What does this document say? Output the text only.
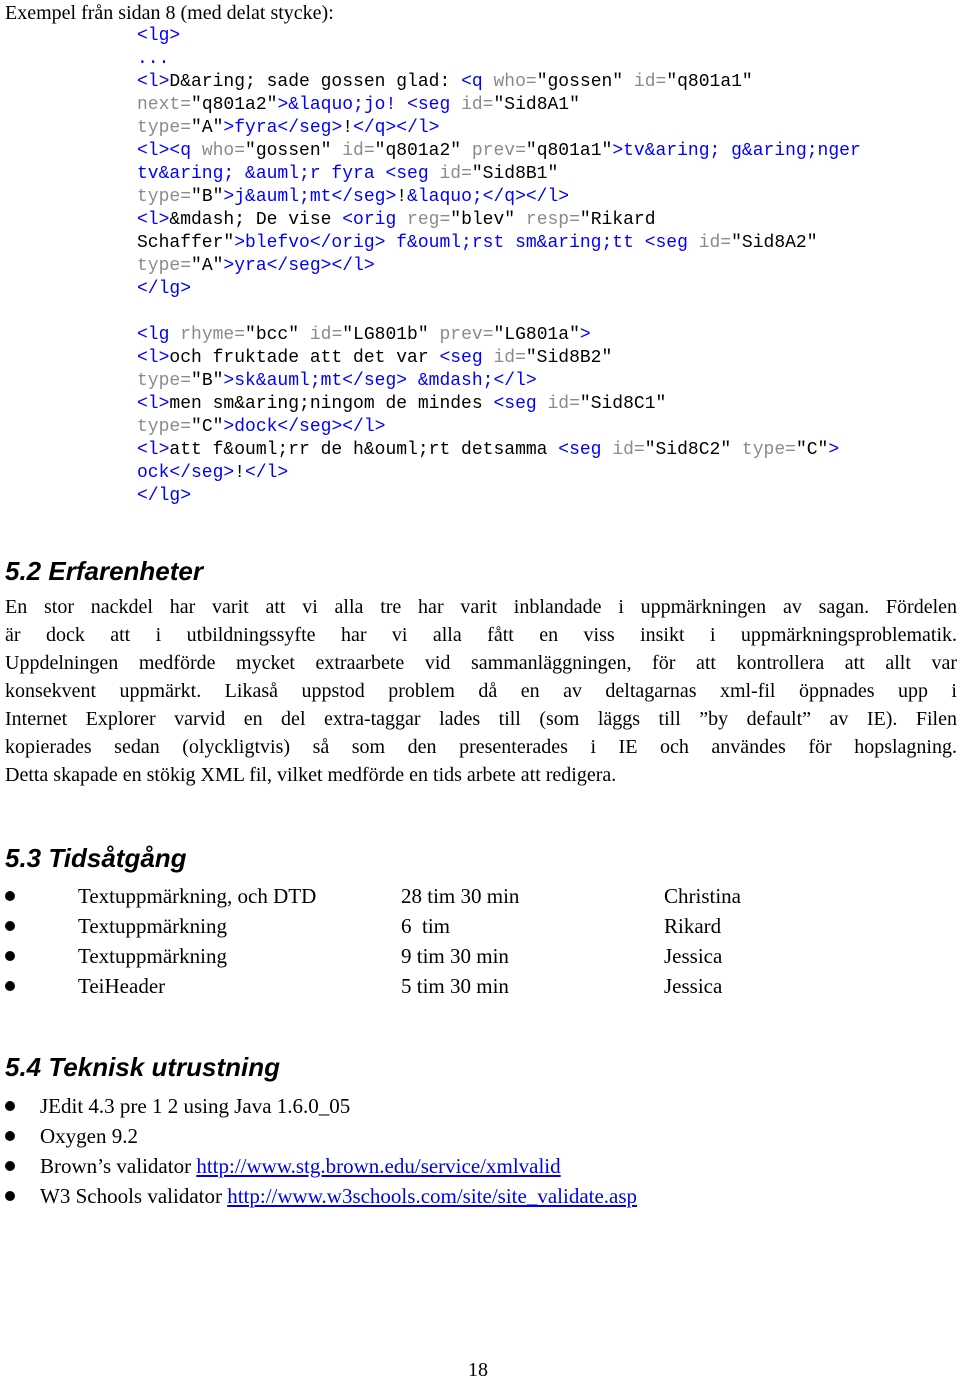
Exempel från sidan 8 (med delat stycke):
<lg>
...
<l>D&aring; sade gossen glad: <q who="gossen" id="q801a1"
next="q801a2">&laquo;jo! <seg id="Sid8A1"
type="A">fyra</seg>!</q></l>
<l><q who="gossen" id="q801a2" prev="q801a1">tv&aring; g&aring;nger
tv&aring; &auml;r fyra <seg id="Sid8B1"
type="B">j&auml;mt</seg>!&laquo;</q></l>
<l>&mdash; De vise <orig reg="blev" resp="Rikard
Schaffer">blefvo</orig> f&ouml;rst sm&aring;tt <seg id="Sid8A2"
type="A">yra</seg></l>
</lg>
<lg rhyme="bcc" id="LG801b" prev="LG801a">
<l>och fruktade att det var <seg id="Sid8B2"
type="B">sk&auml;mt</seg> &mdash;</l>
<l>men sm&aring;ningom de mindes <seg id="Sid8C1"
type="C">dock</seg></l>
<l>att f&ouml;rr de h&ouml;rt detsamma <seg id="Sid8C2" type="C">
ock</seg>!</l>
</lg>
5.2 Erfarenheter
En stor nackdel har varit att vi alla tre har varit inblandade i uppmärkningen av sagan. Fördelen
är dock att i utbildningssyfte har vi alla fått en viss insikt i uppmärkningsproblematik.
Uppdelningen medförde mycket extraarbete vid sammanläggningen, för att kontrollera att allt var
konsekvent uppmärkt. Likaså uppstod problem då en av deltagarnas xml-fil öppnades upp i
Internet Explorer varvid en del extra-taggar lades till (som läggs till ”by default” av IE). Filen
kopierades sedan (olyckligtvis) så som den presenterades i IE och användes för hopslagning.
Detta skapade en stökig XML fil, vilket medförde en tids arbete att redigera.
5.3 Tidsåtgång
Textuppmärkning, och DTD	28 tim 30 min	Christina
Textuppmärkning	6  tim	Rikard
Textuppmärkning	9 tim 30 min	Jessica
TeiHeader	5 tim 30 min	Jessica
5.4 Teknisk utrustning
JEdit 4.3 pre 1 2 using Java 1.6.0_05
Oxygen 9.2
Brown’s validator http://www.stg.brown.edu/service/xmlvalid
W3 Schools validator http://www.w3schools.com/site/site_validate.asp
18
